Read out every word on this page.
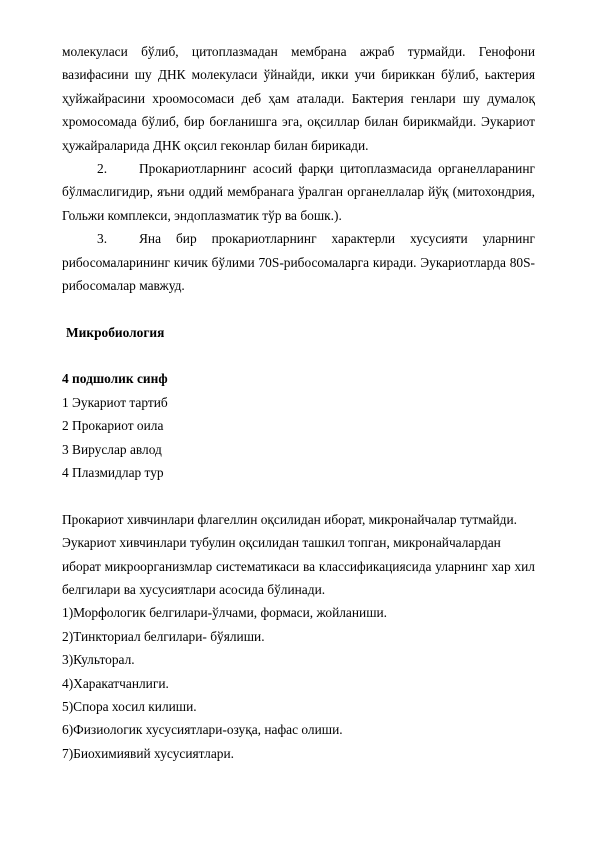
молекуласи бўлиб, цитоплазмадан мембрана ажраб турмайди. Генофони
вазифасини шу ДНК молекуласи ўйнайди, икки учи бириккан бўлиб, ьактерия
ҳуйжайрасини хроомосомаси деб ҳам аталади. Бактерия генлари шу думалоқ
хромосомада бўлиб, бир боғланишга эга, оқсиллар билан бирикмайди. Эукариот
ҳужайраларида ДНК оқсил геконлар билан бирикади.
2.	Прокариотларнинг асосий фарқи цитоплазмасида органелларанинг
бўлмаслигидир, яъни оддий мембранага ўралган органеллалар йўқ (митохондрия,
Гольжи комплекси, эндоплазматик тўр ва бошк.).
3.	Яна бир прокариотларнинг характерли хусусияти уларнинг
рибосомаларининг кичик бўлими 70S-рибосомаларга киради. Эукариотларда 80S-
рибосомалар мавжуд.
Микробиология
4 подшолик синф
1 Эукариот тартиб
2 Прокариот оила
3 Вируслар авлод
4 Плазмидлар тур
Прокариот хивчинлари флагеллин оқсилидан иборат, микронайчалар тутмайди.
Эукариот хивчинлари тубулин оқсилидан ташкил топган, микронайчалардан
иборат микроорганизмлар систематикаси ва классификациясида уларнинг хар хил
белгилари ва хусусиятлари асосида бўлинади.
1)Морфологик белгилари-ўлчами, формаси, жойланиши.
2)Тинкториал белгилари- бўялиши.
3)Культорал.
4)Харакатчанлиги.
5)Спора хосил килиши.
6)Физиологик хусусиятлари-озуқа, нафас олиши.
7)Биохимиявий хусусиятлари.
